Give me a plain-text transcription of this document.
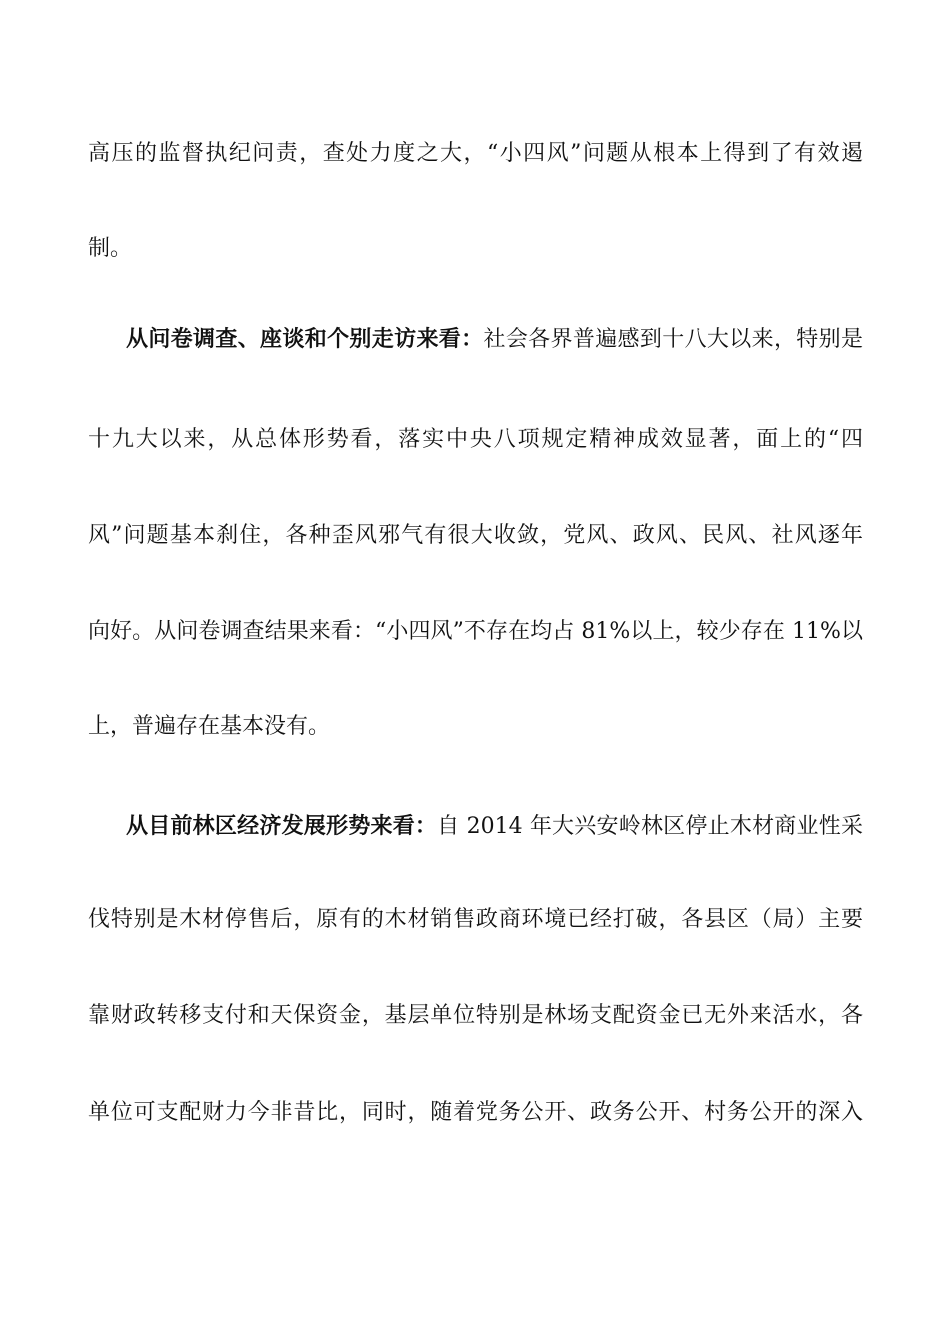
高压的监督执纪问责，查处力度之大，“小四风”问题从根本上得到了有效遏
制。
从问卷调查、座谈和个别走访来看：社会各界普遍感到十八大以来，特别是
十九大以来，从总体形势看，落实中央八项规定精神成效显著，面上的“四
风”问题基本刹住，各种歪风邪气有很大收敛，党风、政风、民风、社风逐年
向好。从问卷调查结果来看：“小四风”不存在均占 81%以上，较少存在 11%以
上，普遍存在基本没有。
从目前林区经济发展形势来看：自 2014 年大兴安岭林区停止木材商业性采
伐特别是木材停售后，原有的木材销售政商环境已经打破，各县区（局）主要
靠财政转移支付和天保资金，基层单位特别是林场支配资金已无外来活水，各
单位可支配财力今非昔比，同时，随着党务公开、政务公开、村务公开的深入
